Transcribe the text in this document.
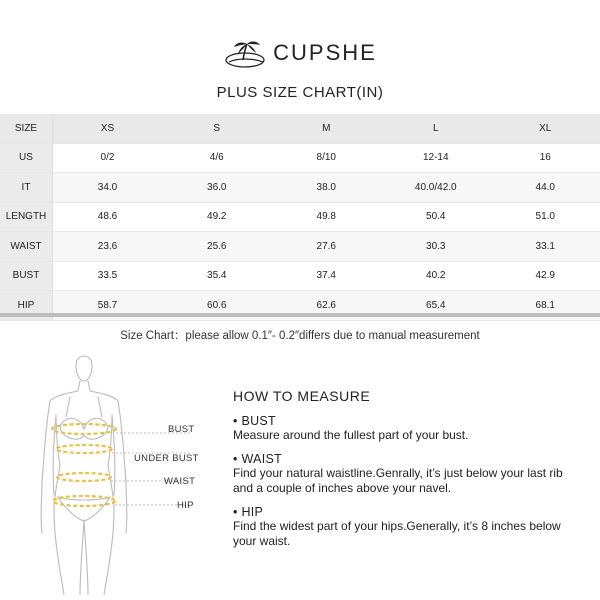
CUPSHE
PLUS SIZE CHART(IN)
SIZE	XS	S	M	L	XL
US	0/2	4/6	8/10	12-14	16
IT	34.0	36.0	38.0	40.0/42.0	44.0
LENGTH	48.6	49.2	49.8	50.4	51.0
WAIST	23.6	25.6	27.6	30.3	33.1
BUST	33.5	35.4	37.4	40.2	42.9
HIP	58.7	60.6	62.6	65.4	68.1
Size Chart：please allow 0.1″- 0.2″differs due to manual measurement
BUST
UNDER BUST
WAIST
HIP
HOW TO MEASURE
• BUST
Measure around the fullest part of your bust.
• WAIST
Find your natural waistline.Genrally, it’s just below your last rib and a couple of inches above your navel.
• HIP
Find the widest part of your hips.Generally, it’s 8 inches below your waist.
